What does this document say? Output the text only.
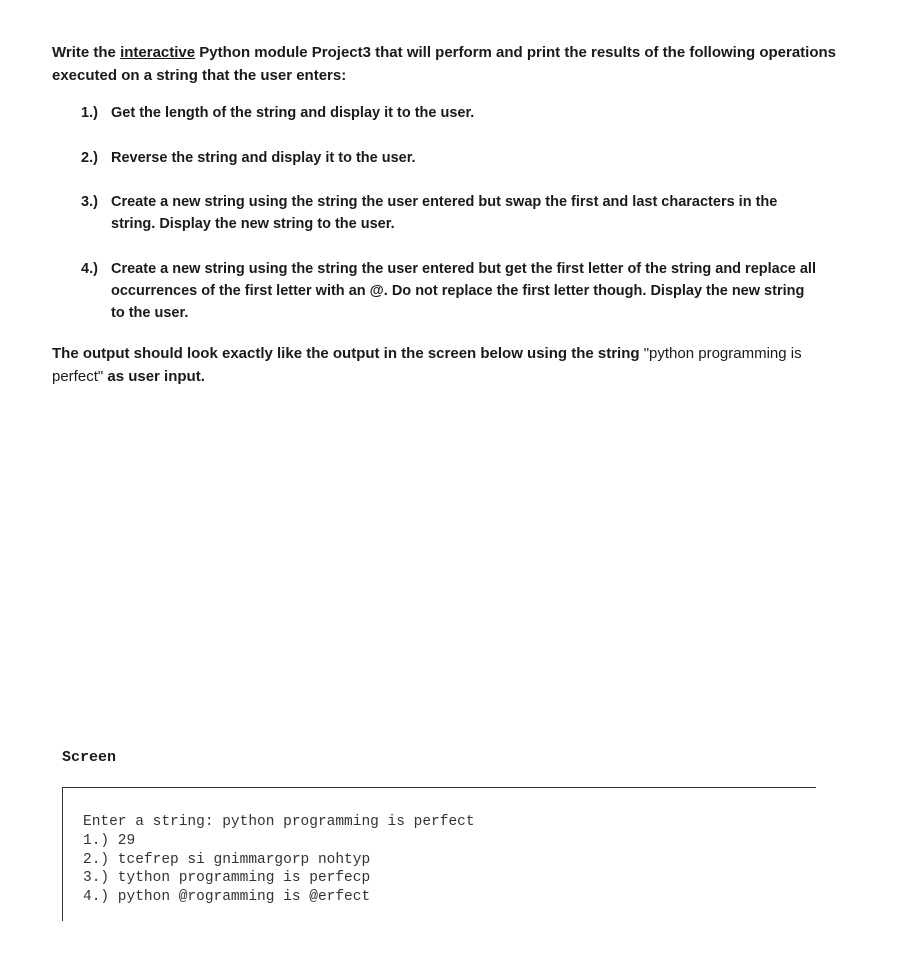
Write the interactive Python module Project3 that will perform and print the results of the following operations executed on a string that the user enters:
1.) Get the length of the string and display it to the user.
2.) Reverse the string and display it to the user.
3.) Create a new string using the string the user entered but swap the first and last characters in the string. Display the new string to the user.
4.) Create a new string using the string the user entered but get the first letter of the string and replace all occurrences of the first letter with an @. Do not replace the first letter though. Display the new string to the user.
The output should look exactly like the output in the screen below using the string "python programming is perfect" as user input.
Screen
Enter a string: python programming is perfect
1.) 29
2.) tcefrep si gnimmargorp nohtyp
3.) tython programming is perfecp
4.) python @rogramming is @erfect
